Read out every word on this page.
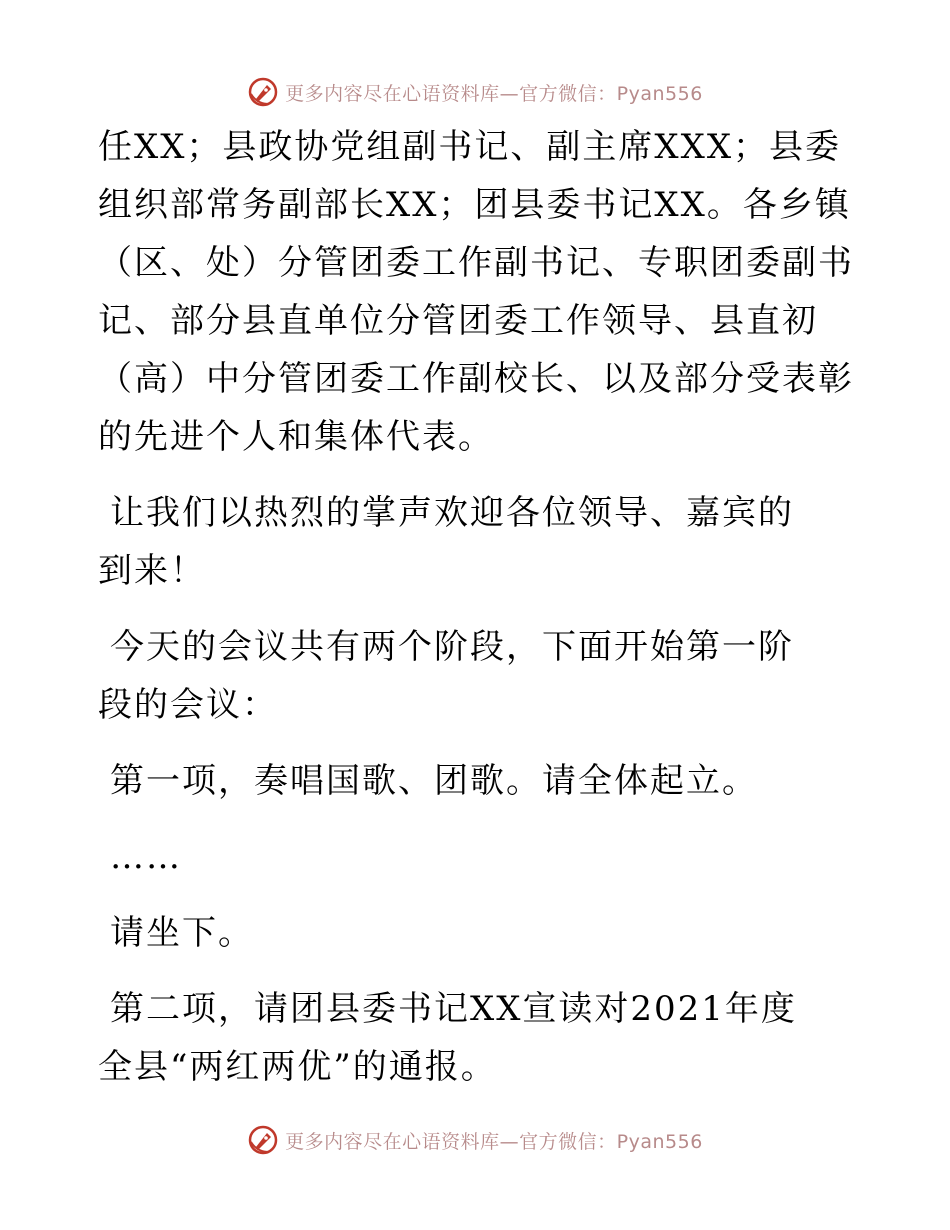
更多内容尽在心语资料库—官方微信：Pyan556

任XX；县政协党组副书记、副主席XXX；县委组织部常务副部长XX；团县委书记XX。各乡镇（区、处）分管团委工作副书记、专职团委副书记、部分县直单位分管团委工作领导、县直初（高）中分管团委工作副校长、以及部分受表彰的先进个人和集体代表。

让我们以热烈的掌声欢迎各位领导、嘉宾的到来！

今天的会议共有两个阶段，下面开始第一阶段的会议：

第一项，奏唱国歌、团歌。请全体起立。

……

请坐下。

第二项，请团县委书记XX宣读对2021年度全县“两红两优”的通报。

更多内容尽在心语资料库—官方微信：Pyan556
